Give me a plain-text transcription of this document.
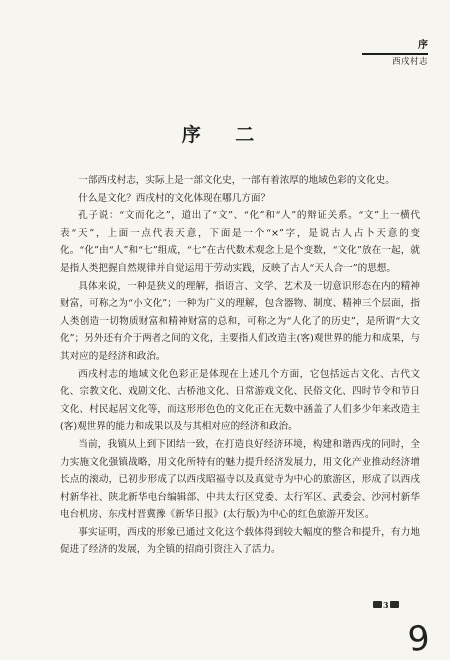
序
西戌村志
序 二

一部西戌村志，实际上是一部文化史，一部有着浓厚的地域色彩的文化史。

什么是文化？西戌村的文化体现在哪几方面？

孔子说：“文而化之”，道出了“文”、“化”和“人”的辩证关系。“文”上一横代表“天”，上面一点代表天意，下面是一个“×”字，是说古人占卜天意的变化。“化”由“人”和“七”组成，“七”在古代数术观念上是个变数，“文化”放在一起，就是指人类把握自然规律并自觉运用于劳动实践，反映了古人“天人合一”的思想。

具体来说，一种是狭义的理解，指语言、文学、艺术及一切意识形态在内的精神财富，可称之为“小文化”；一种为广义的理解，包含器物、制度、精神三个层面，指人类创造一切物质财富和精神财富的总和，可称之为“人化了的历史”，是所谓“大文化”；另外还有介于两者之间的文化，主要指人们改造主(客)观世界的能力和成果，与其对应的是经济和政治。

西戌村志的地域文化色彩正是体现在上述几个方面，它包括远古文化、古代文化、宗教文化、戏剧文化、古桥池文化、日常游戏文化、民俗文化、四时节令和节日文化、村民起居文化等，而这形形色色的文化正在无数中涵盖了人们多少年来改造主(客)观世界的能力和成果以及与其相对应的经济和政治。

当前，我镇从上到下团结一致，在打造良好经济环境，构建和谐西戌的同时，全力实施文化强镇战略，用文化所特有的魅力提升经济发展力，用文化产业推动经济增长点的滚动，已初步形成了以西戌昭福寺以及真觉寺为中心的旅游区，形成了以西戌村新华社、陕北新华电台编辑部、中共太行区党委、太行军区、武委会、沙河村新华电台机房、东戌村晋冀豫《新华日报》(太行版)为中心的红色旅游开发区。

事实证明，西戌的形象已通过文化这个载体得到较大幅度的整合和提升，有力地促进了经济的发展，为全镇的招商引资注入了活力。

3
9
